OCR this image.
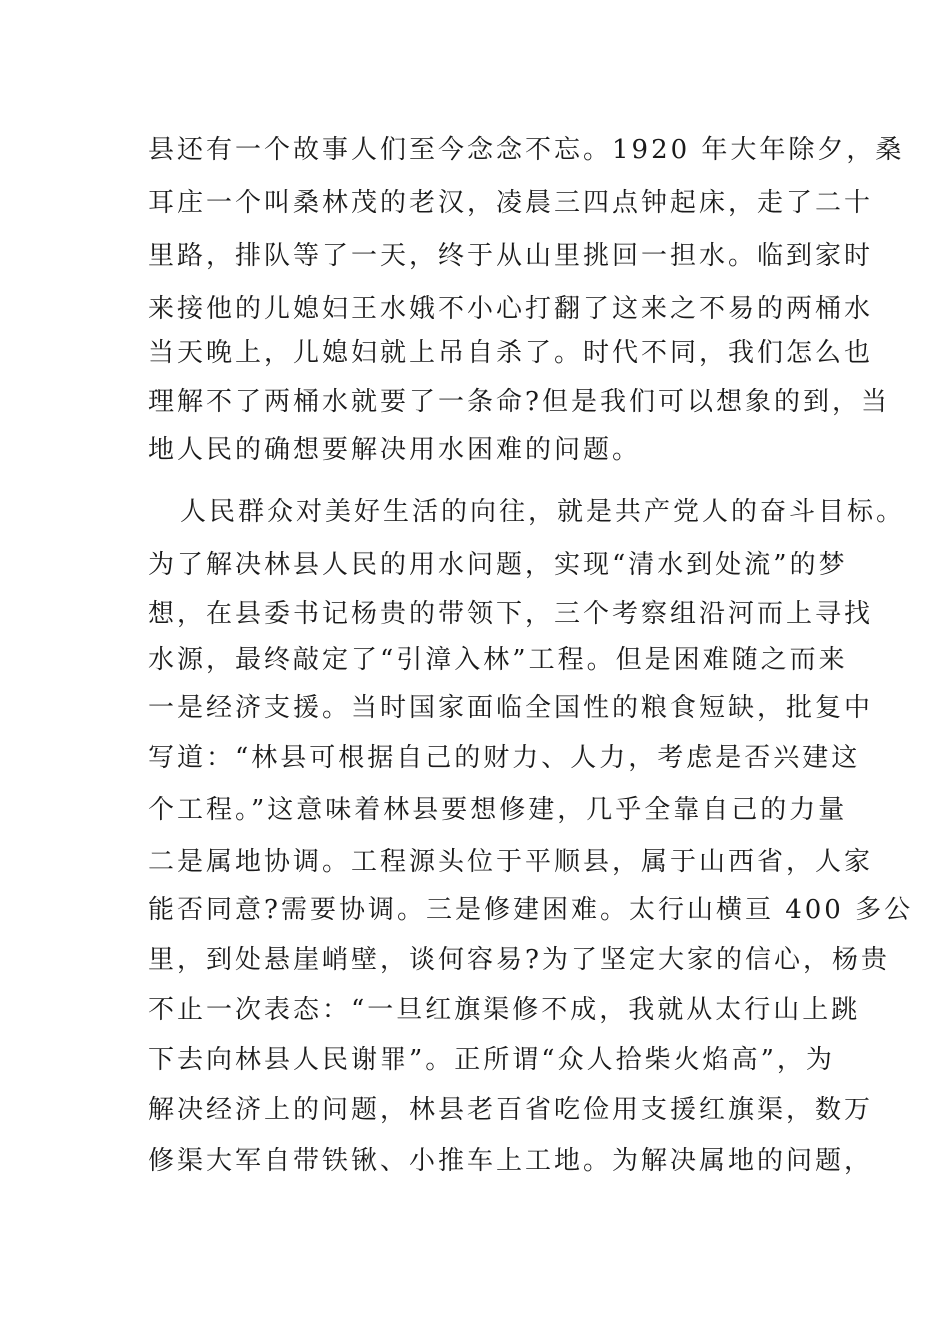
县还有一个故事人们至今念念不忘。1920 年大年除夕，桑
耳庄一个叫桑林茂的老汉，凌晨三四点钟起床，走了二十
里路，排队等了一天，终于从山里挑回一担水。临到家时
来接他的儿媳妇王水娥不小心打翻了这来之不易的两桶水
当天晚上，儿媳妇就上吊自杀了。时代不同，我们怎么也
理解不了两桶水就要了一条命?但是我们可以想象的到，当
地人民的确想要解决用水困难的问题。
人民群众对美好生活的向往，就是共产党人的奋斗目标。
为了解决林县人民的用水问题，实现“清水到处流”的梦
想，在县委书记杨贵的带领下，三个考察组沿河而上寻找
水源，最终敲定了“引漳入林”工程。但是困难随之而来
一是经济支援。当时国家面临全国性的粮食短缺，批复中
写道：“林县可根据自己的财力、人力，考虑是否兴建这
个工程。”这意味着林县要想修建，几乎全靠自己的力量
二是属地协调。工程源头位于平顺县，属于山西省，人家
能否同意?需要协调。三是修建困难。太行山横亘 400 多公
里，到处悬崖峭壁，谈何容易?为了坚定大家的信心，杨贵
不止一次表态：“一旦红旗渠修不成，我就从太行山上跳
下去向林县人民谢罪”。正所谓“众人拾柴火焰高”，为
解决经济上的问题，林县老百省吃俭用支援红旗渠，数万
修渠大军自带铁锹、小推车上工地。为解决属地的问题，
